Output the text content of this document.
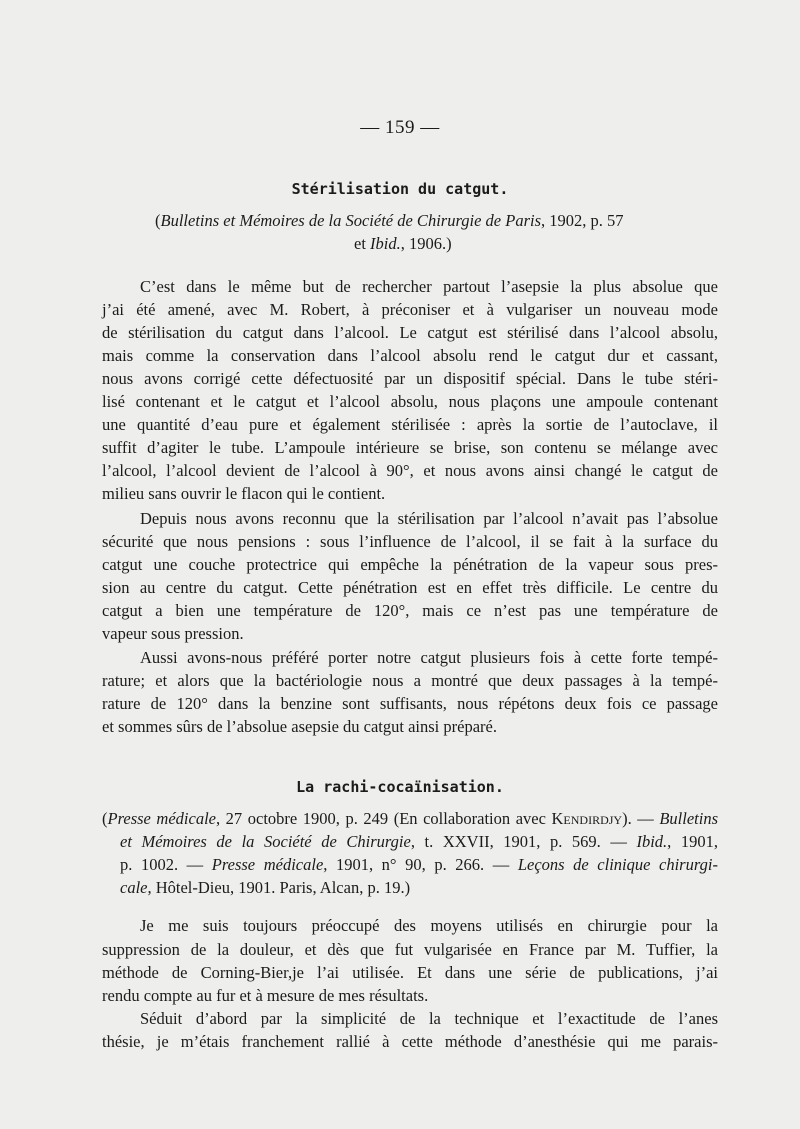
— 159 —
Stérilisation du catgut.
(Bulletins et Mémoires de la Société de Chirurgie de Paris, 1902, p. 57
et Ibid., 1906.)
C’est dans le même but de rechercher partout l’asepsie la plus absolue que
j’ai été amené, avec M. Robert, à préconiser et à vulgariser un nouveau mode
de stérilisation du catgut dans l’alcool. Le catgut est stérilisé dans l’alcool absolu,
mais comme la conservation dans l’alcool absolu rend le catgut dur et cassant,
nous avons corrigé cette défectuosité par un dispositif spécial. Dans le tube stéri-
lisé contenant et le catgut et l’alcool absolu, nous plaçons une ampoule contenant
une quantité d’eau pure et également stérilisée : après la sortie de l’autoclave, il
suffit d’agiter le tube. L’ampoule intérieure se brise, son contenu se mélange avec
l’alcool, l’alcool devient de l’alcool à 90°, et nous avons ainsi changé le catgut de
milieu sans ouvrir le flacon qui le contient.
Depuis nous avons reconnu que la stérilisation par l’alcool n’avait pas l’absolue
sécurité que nous pensions : sous l’influence de l’alcool, il se fait à la surface du
catgut une couche protectrice qui empêche la pénétration de la vapeur sous pres-
sion au centre du catgut. Cette pénétration est en effet très difficile. Le centre du
catgut a bien une température de 120°, mais ce n’est pas une température de
vapeur sous pression.
Aussi avons-nous préféré porter notre catgut plusieurs fois à cette forte tempé-
rature; et alors que la bactériologie nous a montré que deux passages à la tempé-
rature de 120° dans la benzine sont suffisants, nous répétons deux fois ce passage
et sommes sûrs de l’absolue asepsie du catgut ainsi préparé.
La rachi-cocaïnisation.
(Presse médicale, 27 octobre 1900, p. 249 (En collaboration avec Kendirdjy). — Bulletins
et Mémoires de la Société de Chirurgie, t. XXVII, 1901, p. 569. — Ibid., 1901,
p. 1002. — Presse médicale, 1901, n° 90, p. 266. — Leçons de clinique chirurgi-
cale, Hôtel-Dieu, 1901. Paris, Alcan, p. 19.)
Je me suis toujours préoccupé des moyens utilisés en chirurgie pour la
suppression de la douleur, et dès que fut vulgarisée en France par M. Tuffier, la
méthode de Corning-Bier,je l’ai utilisée. Et dans une série de publications, j’ai
rendu compte au fur et à mesure de mes résultats.
Séduit d’abord par la simplicité de la technique et l’exactitude de l’anes
thésie, je m’étais franchement rallié à cette méthode d’anesthésie qui me parais-
